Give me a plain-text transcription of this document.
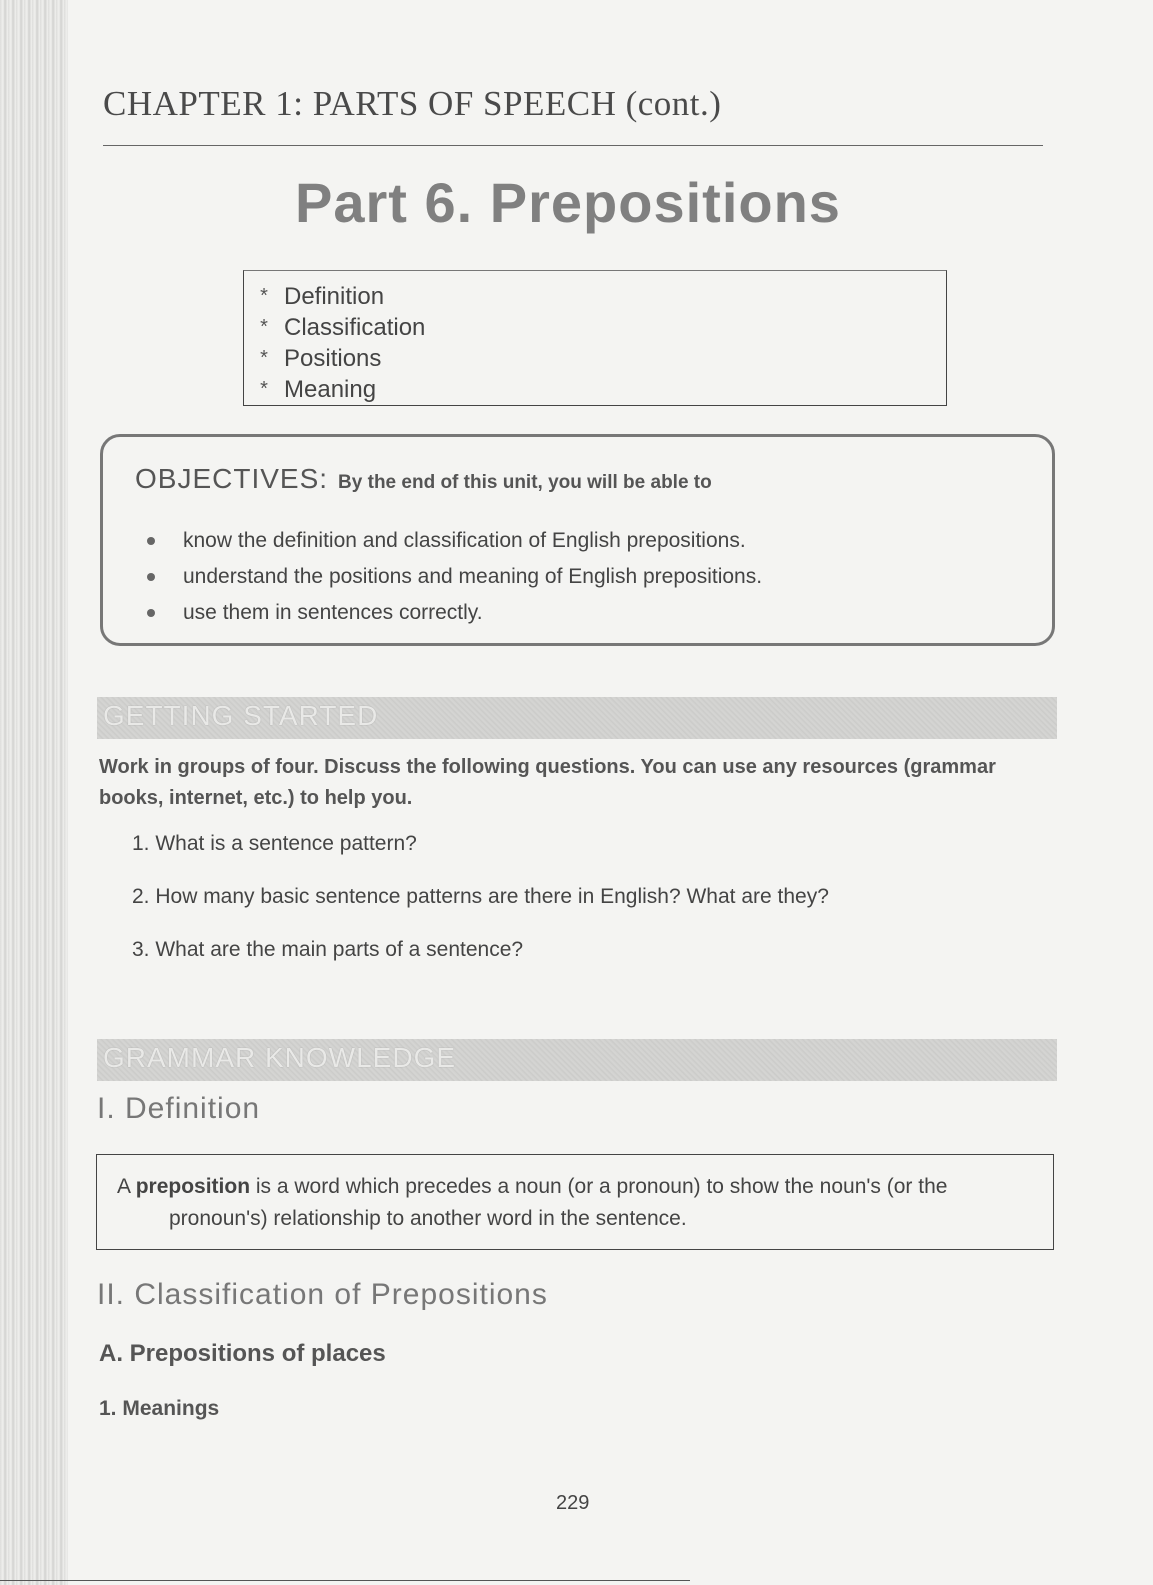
CHAPTER 1: PARTS OF SPEECH (cont.)
Part 6. Prepositions
* Definition
* Classification
* Positions
* Meaning
OBJECTIVES: By the end of this unit, you will be able to
know the definition and classification of English prepositions.
understand the positions and meaning of English prepositions.
use them in sentences correctly.
GETTING STARTED

Work in groups of four. Discuss the following questions. You can use any resources (grammar books, internet, etc.) to help you.

1. What is a sentence pattern?
2. How many basic sentence patterns are there in English? What are they?
3. What are the main parts of a sentence?
GRAMMAR KNOWLEDGE
I. Definition

A preposition is a word which precedes a noun (or a pronoun) to show the noun's (or the pronoun's) relationship to another word in the sentence.

II. Classification of Prepositions
A. Prepositions of places
1. Meanings
229
